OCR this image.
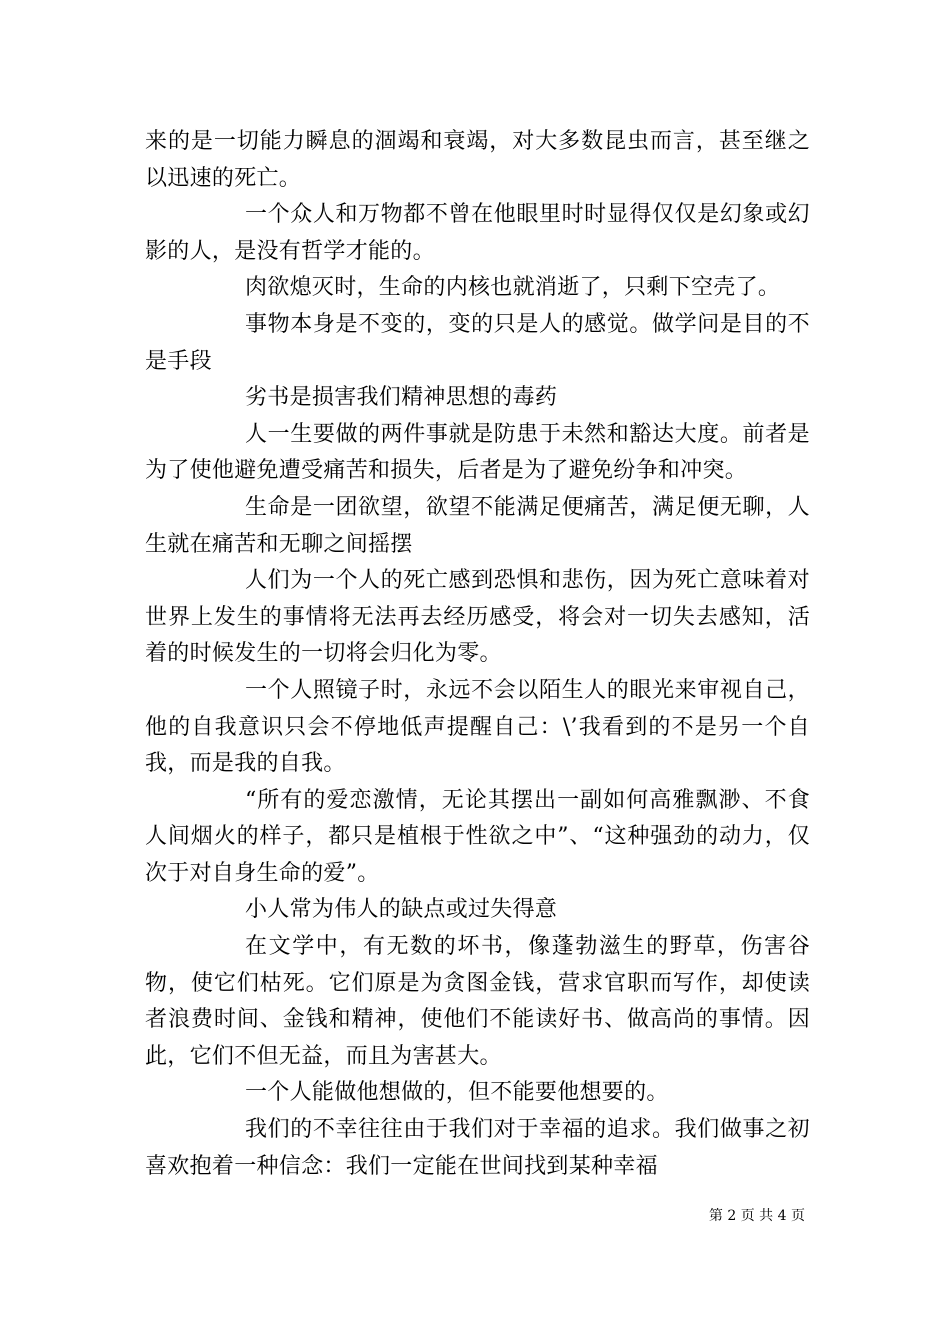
来的是一切能力瞬息的涸竭和衰竭，对大多数昆虫而言，甚至继之以迅速的死亡。

一个众人和万物都不曾在他眼里时时显得仅仅是幻象或幻影的人，是没有哲学才能的。

肉欲熄灭时，生命的内核也就消逝了，只剩下空壳了。

事物本身是不变的，变的只是人的感觉。做学问是目的不是手段

劣书是损害我们精神思想的毒药

人一生要做的两件事就是防患于未然和豁达大度。前者是为了使他避免遭受痛苦和损失，后者是为了避免纷争和冲突。

生命是一团欲望，欲望不能满足便痛苦，满足便无聊，人生就在痛苦和无聊之间摇摆

人们为一个人的死亡感到恐惧和悲伤，因为死亡意味着对世界上发生的事情将无法再去经历感受，将会对一切失去感知，活着的时候发生的一切将会归化为零。

一个人照镜子时，永远不会以陌生人的眼光来审视自己，他的自我意识只会不停地低声提醒自己：\’我看到的不是另一个自我，而是我的自我。

“所有的爱恋激情，无论其摆出一副如何高雅飘渺、不食人间烟火的样子，都只是植根于性欲之中”、“这种强劲的动力，仅次于对自身生命的爱”。

小人常为伟人的缺点或过失得意

在文学中，有无数的坏书，像蓬勃滋生的野草，伤害谷物，使它们枯死。它们原是为贪图金钱，营求官职而写作，却使读者浪费时间、金钱和精神，使他们不能读好书、做高尚的事情。因此，它们不但无益，而且为害甚大。

一个人能做他想做的，但不能要他想要的。

我们的不幸往往由于我们对于幸福的追求。我们做事之初喜欢抱着一种信念：我们一定能在世间找到某种幸福

第 2 页 共 4 页
